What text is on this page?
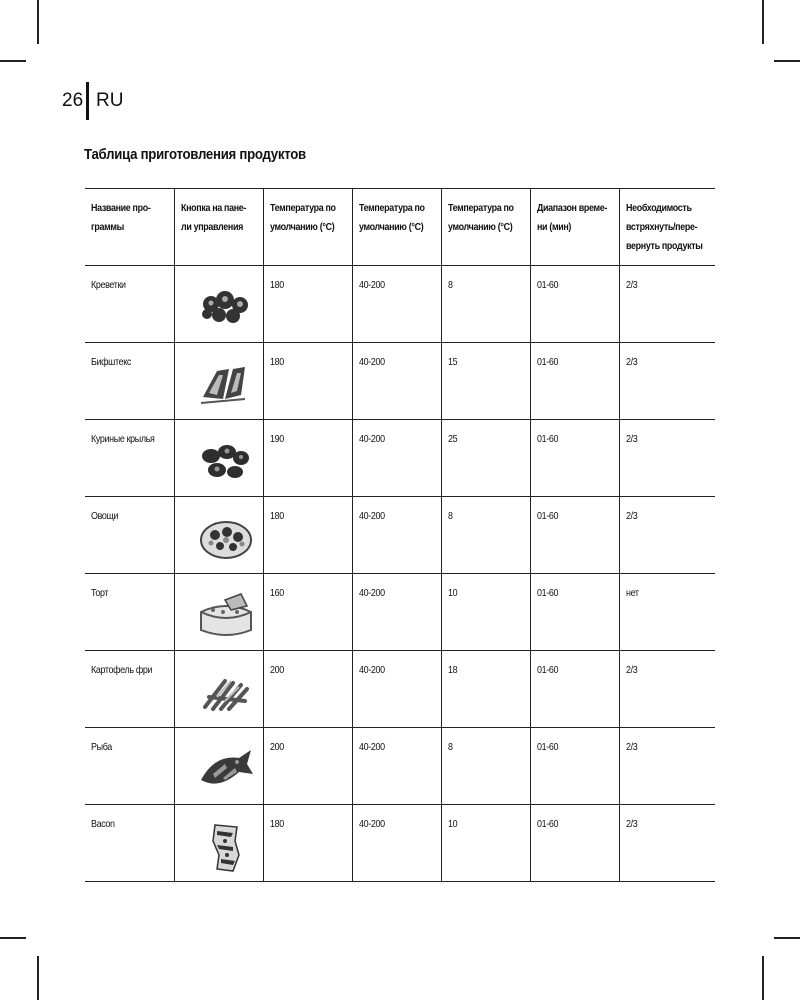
26 RU
Таблица приготовления продуктов
Название про-граммы	Кнопка на пане-ли управления	Температура по умолчанию (°C)	Температура по умолчанию (°C)	Температура по умолчанию (°C)	Диапазон време-ни (мин)	Необходимость встряхнуть/пере-вернуть продукты
Креветки		180	40-200	8	01-60	2/3
Бифштекс		180	40-200	15	01-60	2/3
Куриные крылья		190	40-200	25	01-60	2/3
Овощи		180	40-200	8	01-60	2/3
Торт		160	40-200	10	01-60	нет
Картофель фри		200	40-200	18	01-60	2/3
Рыба		200	40-200	8	01-60	2/3
Bacon		180	40-200	10	01-60	2/3
